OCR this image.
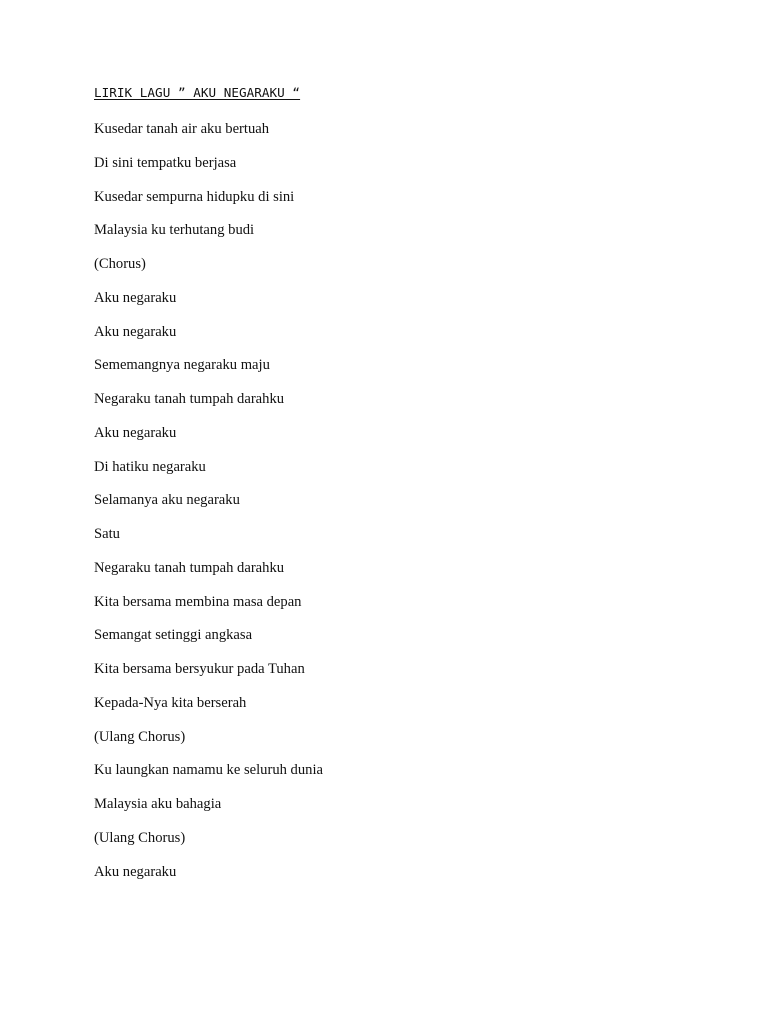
LIRIK LAGU ” AKU NEGARAKU “
Kusedar tanah air aku bertuah
Di sini tempatku berjasa
Kusedar sempurna hidupku di sini
Malaysia ku terhutang budi
(Chorus)
Aku negaraku
Aku negaraku
Sememangnya negaraku maju
Negaraku tanah tumpah darahku
Aku negaraku
Di hatiku negaraku
Selamanya aku negaraku
Satu
Negaraku tanah tumpah darahku
Kita bersama membina masa depan
Semangat setinggi angkasa
Kita bersama bersyukur pada Tuhan
Kepada-Nya kita berserah
(Ulang Chorus)
Ku laungkan namamu ke seluruh dunia
Malaysia aku bahagia
(Ulang Chorus)
Aku negaraku
